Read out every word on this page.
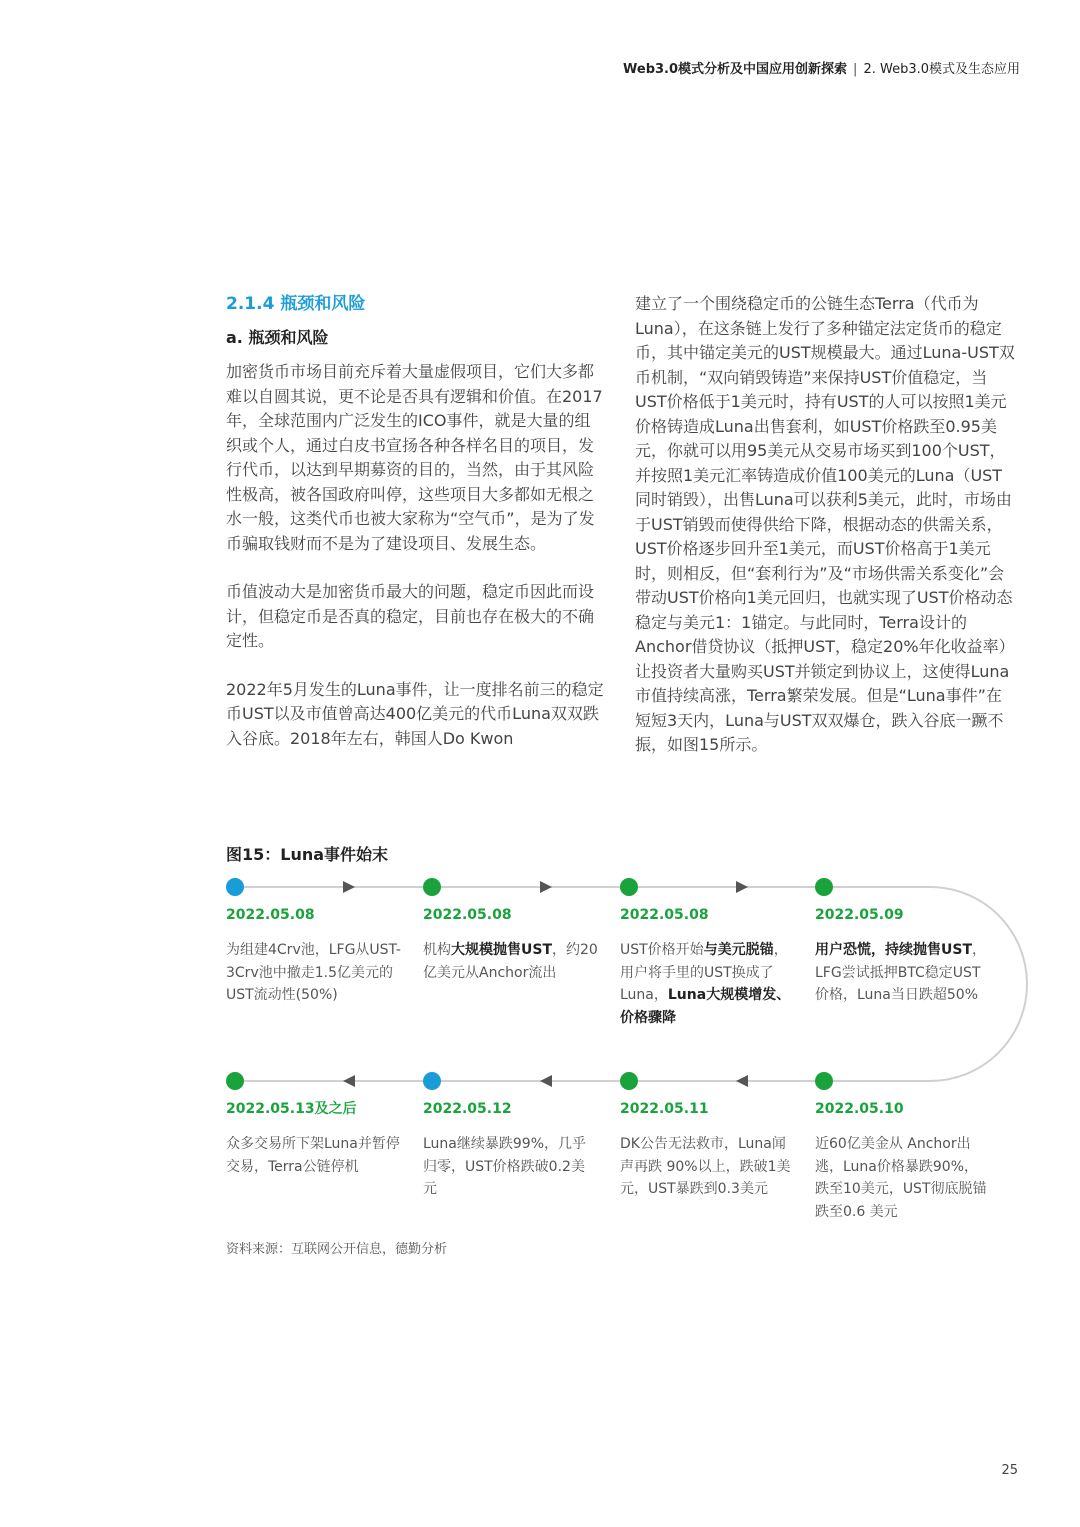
Web3.0模式分析及中国应用创新探索 | 2. Web3.0模式及生态应用
2.1.4 瓶颈和风险
a. 瓶颈和风险

加密货币市场目前充斥着大量虚假项目，它们大多都难以自圆其说，更不论是否具有逻辑和价值。在2017年，全球范围内广泛发生的ICO事件，就是大量的组织或个人，通过白皮书宣扬各种各样名目的项目，发行代币，以达到早期募资的目的，当然，由于其风险性极高，被各国政府叫停，这些项目大多都如无根之水一般，这类代币也被大家称为“空气币”，是为了发币骗取钱财而不是为了建设项目、发展生态。

币值波动大是加密货币最大的问题，稳定币因此而设计，但稳定币是否真的稳定，目前也存在极大的不确定性。

2022年5月发生的Luna事件，让一度排名前三的稳定币UST以及市值曾高达400亿美元的代币Luna双双跌入谷底。2018年左右，韩国人Do Kwon

建立了一个围绕稳定币的公链生态Terra（代币为Luna），在这条链上发行了多种锚定法定货币的稳定币，其中锚定美元的UST规模最大。通过Luna-UST双币机制，“双向销毁铸造”来保持UST价值稳定，当UST价格低于1美元时，持有UST的人可以按照1美元价格铸造成Luna出售套利，如UST价格跌至0.95美元，你就可以用95美元从交易市场买到100个UST，并按照1美元汇率铸造成价值100美元的Luna（UST同时销毁），出售Luna可以获利5美元，此时，市场由于UST销毁而使得供给下降，根据动态的供需关系，UST价格逐步回升至1美元，而UST价格高于1美元时，则相反，但“套利行为”及“市场供需关系变化”会带动UST价格向1美元回归，也就实现了UST价格动态稳定与美元1：1锚定。与此同时，Terra设计的Anchor借贷协议（抵押UST，稳定20%年化收益率）让投资者大量购买UST并锁定到协议上，这使得Luna市值持续高涨，Terra繁荣发展。但是“Luna事件”在短短3天内，Luna与UST双双爆仓，跌入谷底一蹶不振，如图15所示。

图15：Luna事件始末
2022.05.08
为组建4Crv池，LFG从UST-3Crv池中撤走1.5亿美元的UST流动性(50%)
2022.05.08
机构大规模抛售UST，约20亿美元从Anchor流出
2022.05.08
UST价格开始与美元脱锚，用户将手里的UST换成了Luna，Luna大规模增发、价格骤降
2022.05.09
用户恐慌，持续抛售UST，LFG尝试抵押BTC稳定UST价格，Luna当日跌超50%
2022.05.10
近60亿美金从 Anchor出逃，Luna价格暴跌90%，跌至10美元，UST彻底脱锚跌至0.6 美元
2022.05.11
DK公告无法救市，Luna闻声再跌 90%以上，跌破1美元，UST暴跌到0.3美元
2022.05.12
Luna继续暴跌99%，几乎归零，UST价格跌破0.2美元
2022.05.13及之后
众多交易所下架Luna并暂停交易，Terra公链停机
资料来源：互联网公开信息，德勤分析
25
